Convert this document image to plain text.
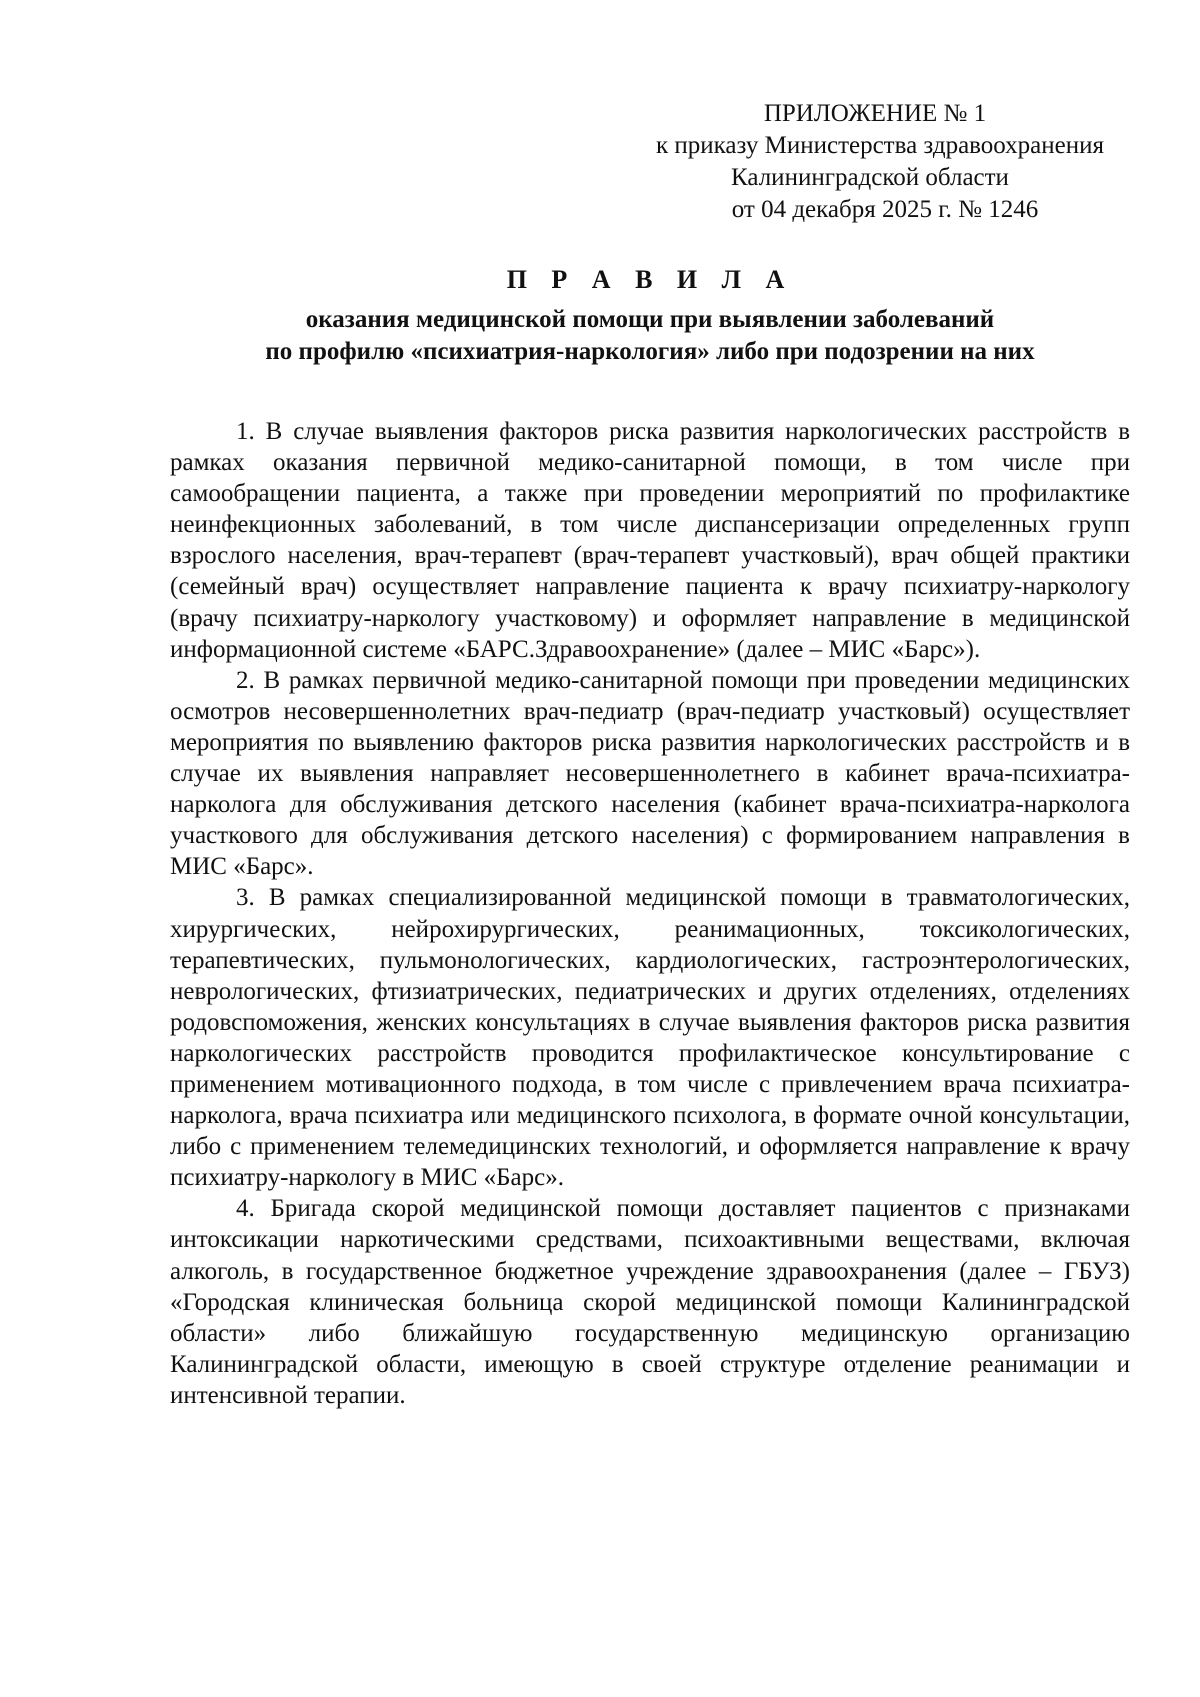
ПРИЛОЖЕНИЕ № 1
к приказу Министерства здравоохранения
Калининградской области
от 04 декабря 2025 г. № 1246
П Р А В И Л А
оказания медицинской помощи при выявлении заболеваний
по профилю «психиатрия-наркология» либо при подозрении на них

1. В случае выявления факторов риска развития наркологических расстройств в рамках оказания первичной медико-санитарной помощи, в том числе при самообращении пациента, а также при проведении мероприятий по профилактике неинфекционных заболеваний, в том числе диспансеризации определенных групп взрослого населения, врач-терапевт (врач-терапевт участковый), врач общей практики (семейный врач) осуществляет направление пациента к врачу психиатру-наркологу (врачу психиатру-наркологу участковому) и оформляет направление в медицинской информационной системе «БАРС.Здравоохранение» (далее – МИС «Барс»).

2. В рамках первичной медико-санитарной помощи при проведении медицинских осмотров несовершеннолетних врач-педиатр (врач-педиатр участковый) осуществляет мероприятия по выявлению факторов риска развития наркологических расстройств и в случае их выявления направляет несовершеннолетнего в кабинет врача-психиатра-нарколога для обслуживания детского населения (кабинет врача-психиатра-нарколога участкового для обслуживания детского населения) с формированием направления в МИС «Барс».

3. В рамках специализированной медицинской помощи в травматологических, хирургических, нейрохирургических, реанимационных, токсикологических, терапевтических, пульмонологических, кардиологических, гастроэнтерологических, неврологических, фтизиатрических, педиатрических и других отделениях, отделениях родовспоможения, женских консультациях в случае выявления факторов риска развития наркологических расстройств проводится профилактическое консультирование с применением мотивационного подхода, в том числе с привлечением врача психиатра-нарколога, врача психиатра или медицинского психолога, в формате очной консультации, либо с применением телемедицинских технологий, и оформляется направление к врачу психиатру-наркологу в МИС «Барс».

4. Бригада скорой медицинской помощи доставляет пациентов с признаками интоксикации наркотическими средствами, психоактивными веществами, включая алкоголь, в государственное бюджетное учреждение здравоохранения (далее – ГБУЗ) «Городская клиническая больница скорой медицинской помощи Калининградской области» либо ближайшую государственную медицинскую организацию Калининградской области, имеющую в своей структуре отделение реанимации и интенсивной терапии.
